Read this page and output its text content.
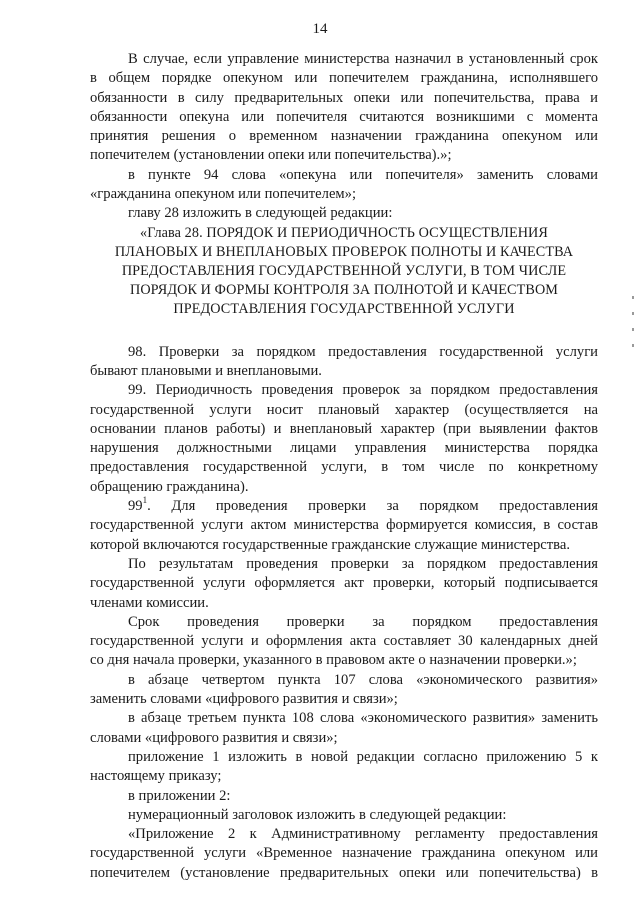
14
В случае, если управление министерства назначил в установленный срок
в общем порядке опекуном или попечителем гражданина, исполнявшего
обязанности в силу предварительных опеки или попечительства, права и
обязанности опекуна или попечителя считаются возникшими с момента
принятия решения о временном назначении гражданина опекуном или
попечителем (установлении опеки или попечительства).»;
в пункте 94 слова «опекуна или попечителя» заменить словами
«гражданина опекуном или попечителем»;
главу 28 изложить в следующей редакции:
«Глава 28. ПОРЯДОК И ПЕРИОДИЧНОСТЬ ОСУЩЕСТВЛЕНИЯ
ПЛАНОВЫХ И ВНЕПЛАНОВЫХ ПРОВЕРОК ПОЛНОТЫ И КАЧЕСТВА
ПРЕДОСТАВЛЕНИЯ ГОСУДАРСТВЕННОЙ УСЛУГИ, В ТОМ ЧИСЛЕ
ПОРЯДОК И ФОРМЫ КОНТРОЛЯ ЗА ПОЛНОТОЙ И КАЧЕСТВОМ
ПРЕДОСТАВЛЕНИЯ ГОСУДАРСТВЕННОЙ УСЛУГИ
98. Проверки за порядком предоставления государственной услуги
бывают плановыми и внеплановыми.
99. Периодичность проведения проверок за порядком предоставления
государственной услуги носит плановый характер (осуществляется на
основании планов работы) и внеплановый характер (при выявлении фактов
нарушения должностными лицами управления министерства порядка
предоставления государственной услуги, в том числе по конкретному
обращению гражданина).
$99^1$. Для проведения проверки за порядком предоставления
государственной услуги актом министерства формируется комиссия, в состав
которой включаются государственные гражданские служащие министерства.
По результатам проведения проверки за порядком предоставления
государственной услуги оформляется акт проверки, который подписывается
членами комиссии.
Срок проведения проверки за порядком предоставления
государственной услуги и оформления акта составляет 30 календарных дней
со дня начала проверки, указанного в правовом акте о назначении проверки.»;
в абзаце четвертом пункта 107 слова «экономического развития»
заменить словами «цифрового развития и связи»;
в абзаце третьем пункта 108 слова «экономического развития» заменить
словами «цифрового развития и связи»;
приложение 1 изложить в новой редакции согласно приложению 5 к
настоящему приказу;
в приложении 2:
нумерационный заголовок изложить в следующей редакции:
«Приложение 2 к Административному регламенту предоставления
государственной услуги «Временное назначение гражданина опекуном или
попечителем (установление предварительных опеки или попечительства) в
